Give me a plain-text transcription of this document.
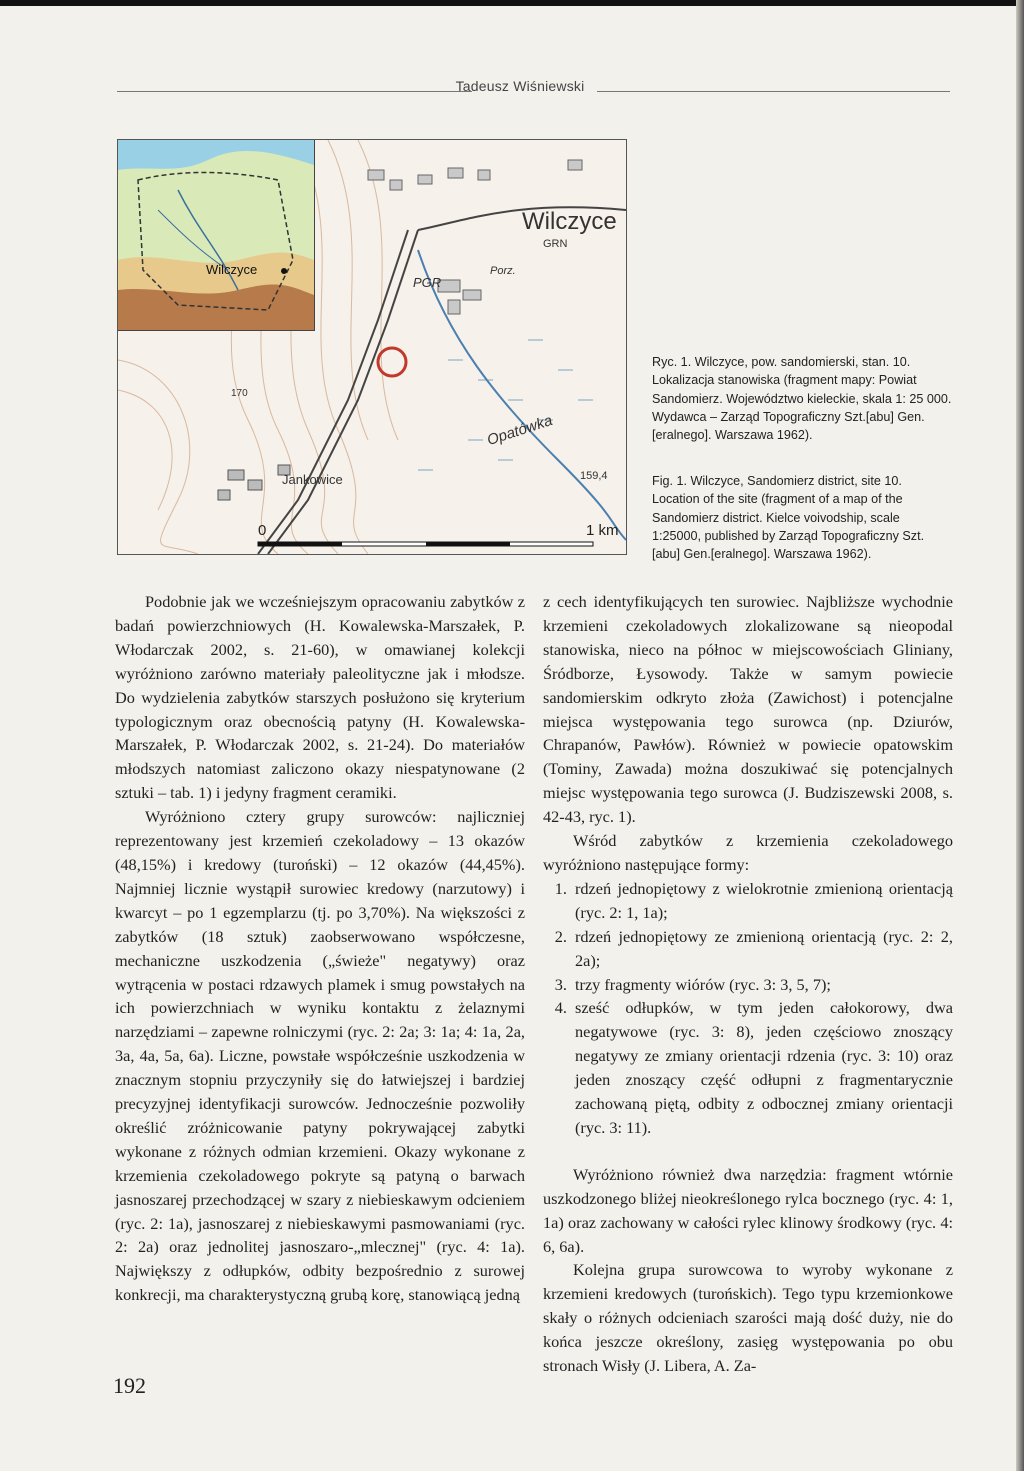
Tadeusz Wiśniewski
Wilczyce
Wilczyce
GRN
PGR
Porz.
Opatówka
Jankowice
170
159,4
0	1 km
Ryc. 1. Wilczyce, pow. sandomierski, stan. 10. Lokalizacja stanowiska (fragment mapy: Powiat Sandomierz. Województwo kieleckie, skala 1: 25 000. Wydawca – Zarząd Topograficzny Szt.[abu] Gen.[eralnego]. Warszawa 1962).
Fig. 1. Wilczyce, Sandomierz district, site 10. Location of the site (fragment of a map of the Sandomierz district. Kielce voivodship, scale 1:25000, published by Zarząd Topograficzny Szt.[abu] Gen.[eralnego]. Warszawa 1962).

Podobnie jak we wcześniejszym opracowaniu zabytków z badań powierzchniowych (H. Kowalewska-Marszałek, P. Włodarczak 2002, s. 21-60), w omawianej kolekcji wyróżniono zarówno materiały paleolityczne jak i młodsze. Do wydzielenia zabytków starszych posłużono się kryterium typologicznym oraz obecnością patyny (H. Kowalewska-Marszałek, P. Włodarczak 2002, s. 21-24). Do materiałów młodszych natomiast zaliczono okazy niespatynowane (2 sztuki – tab. 1) i jedyny fragment ceramiki.

Wyróżniono cztery grupy surowców: najliczniej reprezentowany jest krzemień czekoladowy – 13 okazów (48,15%) i kredowy (turoński) – 12 okazów (44,45%). Najmniej licznie wystąpił surowiec kredowy (narzutowy) i kwarcyt – po 1 egzemplarzu (tj. po 3,70%). Na większości z zabytków (18 sztuk) zaobserwowano współczesne, mechaniczne uszkodzenia („świeże" negatywy) oraz wytrącenia w postaci rdzawych plamek i smug powstałych na ich powierzchniach w wyniku kontaktu z żelaznymi narzędziami – zapewne rolniczymi (ryc. 2: 2a; 3: 1a; 4: 1a, 2a, 3a, 4a, 5a, 6a). Liczne, powstałe współcześnie uszkodzenia w znacznym stopniu przyczyniły się do łatwiejszej i bardziej precyzyjnej identyfikacji surowców. Jednocześnie pozwoliły określić zróżnicowanie patyny pokrywającej zabytki wykonane z różnych odmian krzemieni. Okazy wykonane z krzemienia czekoladowego pokryte są patyną o barwach jasnoszarej przechodzącej w szary z niebieskawym odcieniem (ryc. 2: 1a), jasnoszarej z niebieskawymi pasmowaniami (ryc. 2: 2a) oraz jednolitej jasnoszaro-„mlecznej" (ryc. 4: 1a). Największy z odłupków, odbity bezpośrednio z surowej konkrecji, ma charakterystyczną grubą korę, stanowiącą jedną

z cech identyfikujących ten surowiec. Najbliższe wychodnie krzemieni czekoladowych zlokalizowane są nieopodal stanowiska, nieco na północ w miejscowościach Gliniany, Śródborze, Łysowody. Także w samym powiecie sandomierskim odkryto złoża (Zawichost) i potencjalne miejsca występowania tego surowca (np. Dziurów, Chrapanów, Pawłów). Również w powiecie opatowskim (Tominy, Zawada) można doszukiwać się potencjalnych miejsc występowania tego surowca (J. Budziszewski 2008, s. 42-43, ryc. 1).

Wśród zabytków z krzemienia czekoladowego wyróżniono następujące formy:

1. rdzeń jednopiętowy z wielokrotnie zmienioną orientacją (ryc. 2: 1, 1a);
2. rdzeń jednopiętowy ze zmienioną orientacją (ryc. 2: 2, 2a);
3. trzy fragmenty wiórów (ryc. 3: 3, 5, 7);
4. sześć odłupków, w tym jeden całokorowy, dwa negatywowe (ryc. 3: 8), jeden częściowo znoszący negatywy ze zmiany orientacji rdzenia (ryc. 3: 10) oraz jeden znoszący część odłupni z fragmentarycznie zachowaną piętą, odbity z odbocznej zmiany orientacji (ryc. 3: 11).

Wyróżniono również dwa narzędzia: fragment wtórnie uszkodzonego bliżej nieokreślonego rylca bocznego (ryc. 4: 1, 1a) oraz zachowany w całości rylec klinowy środkowy (ryc. 4: 6, 6a).

Kolejna grupa surowcowa to wyroby wykonane z krzemieni kredowych (turońskich). Tego typu krzemionkowe skały o różnych odcieniach szarości mają dość duży, nie do końca jeszcze określony, zasięg występowania po obu stronach Wisły (J. Libera, A. Za-

192
